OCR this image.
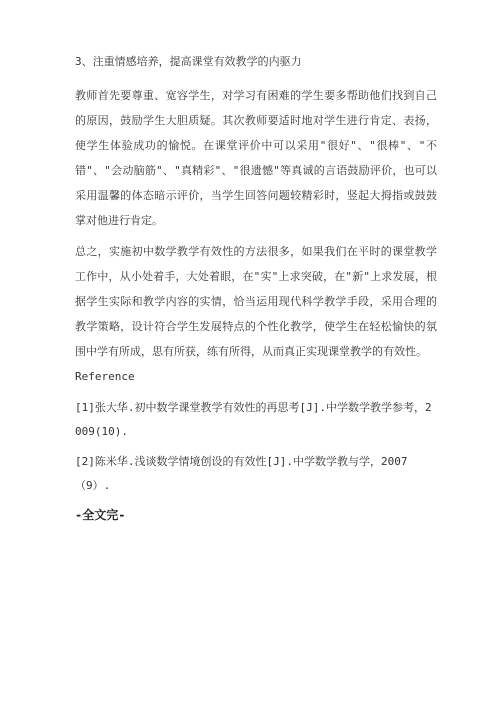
3、注重情感培养，提高课堂有效教学的内驱力
教师首先要尊重、宽容学生，对学习有困难的学生要多帮助他们找到自己的原因，鼓励学生大胆质疑。其次教师要适时地对学生进行肯定、表扬，使学生体验成功的愉悦。在课堂评价中可以采用"很好"、"很棒"、"不错"、"会动脑筋"、"真精彩"、"很遗憾"等真诚的言语鼓励评价，也可以采用温馨的体态暗示评价，当学生回答问题较精彩时，竖起大拇指或鼓鼓掌对他进行肯定。
总之，实施初中数学教学有效性的方法很多，如果我们在平时的课堂教学工作中，从小处着手，大处着眼，在"实"上求突破，在"新"上求发展，根据学生实际和教学内容的实情，恰当运用现代科学教学手段，采用合理的教学策略，设计符合学生发展特点的个性化教学，使学生在轻松愉快的氛围中学有所成，思有所获，练有所得，从而真正实现课堂教学的有效性。
Reference
[1]张大华.初中数学课堂教学有效性的再思考[J].中学数学教学参考，2009(10).
[2]陈米华.浅谈数学情境创设的有效性[J].中学数学教与学，2007（9）.
-全文完-
